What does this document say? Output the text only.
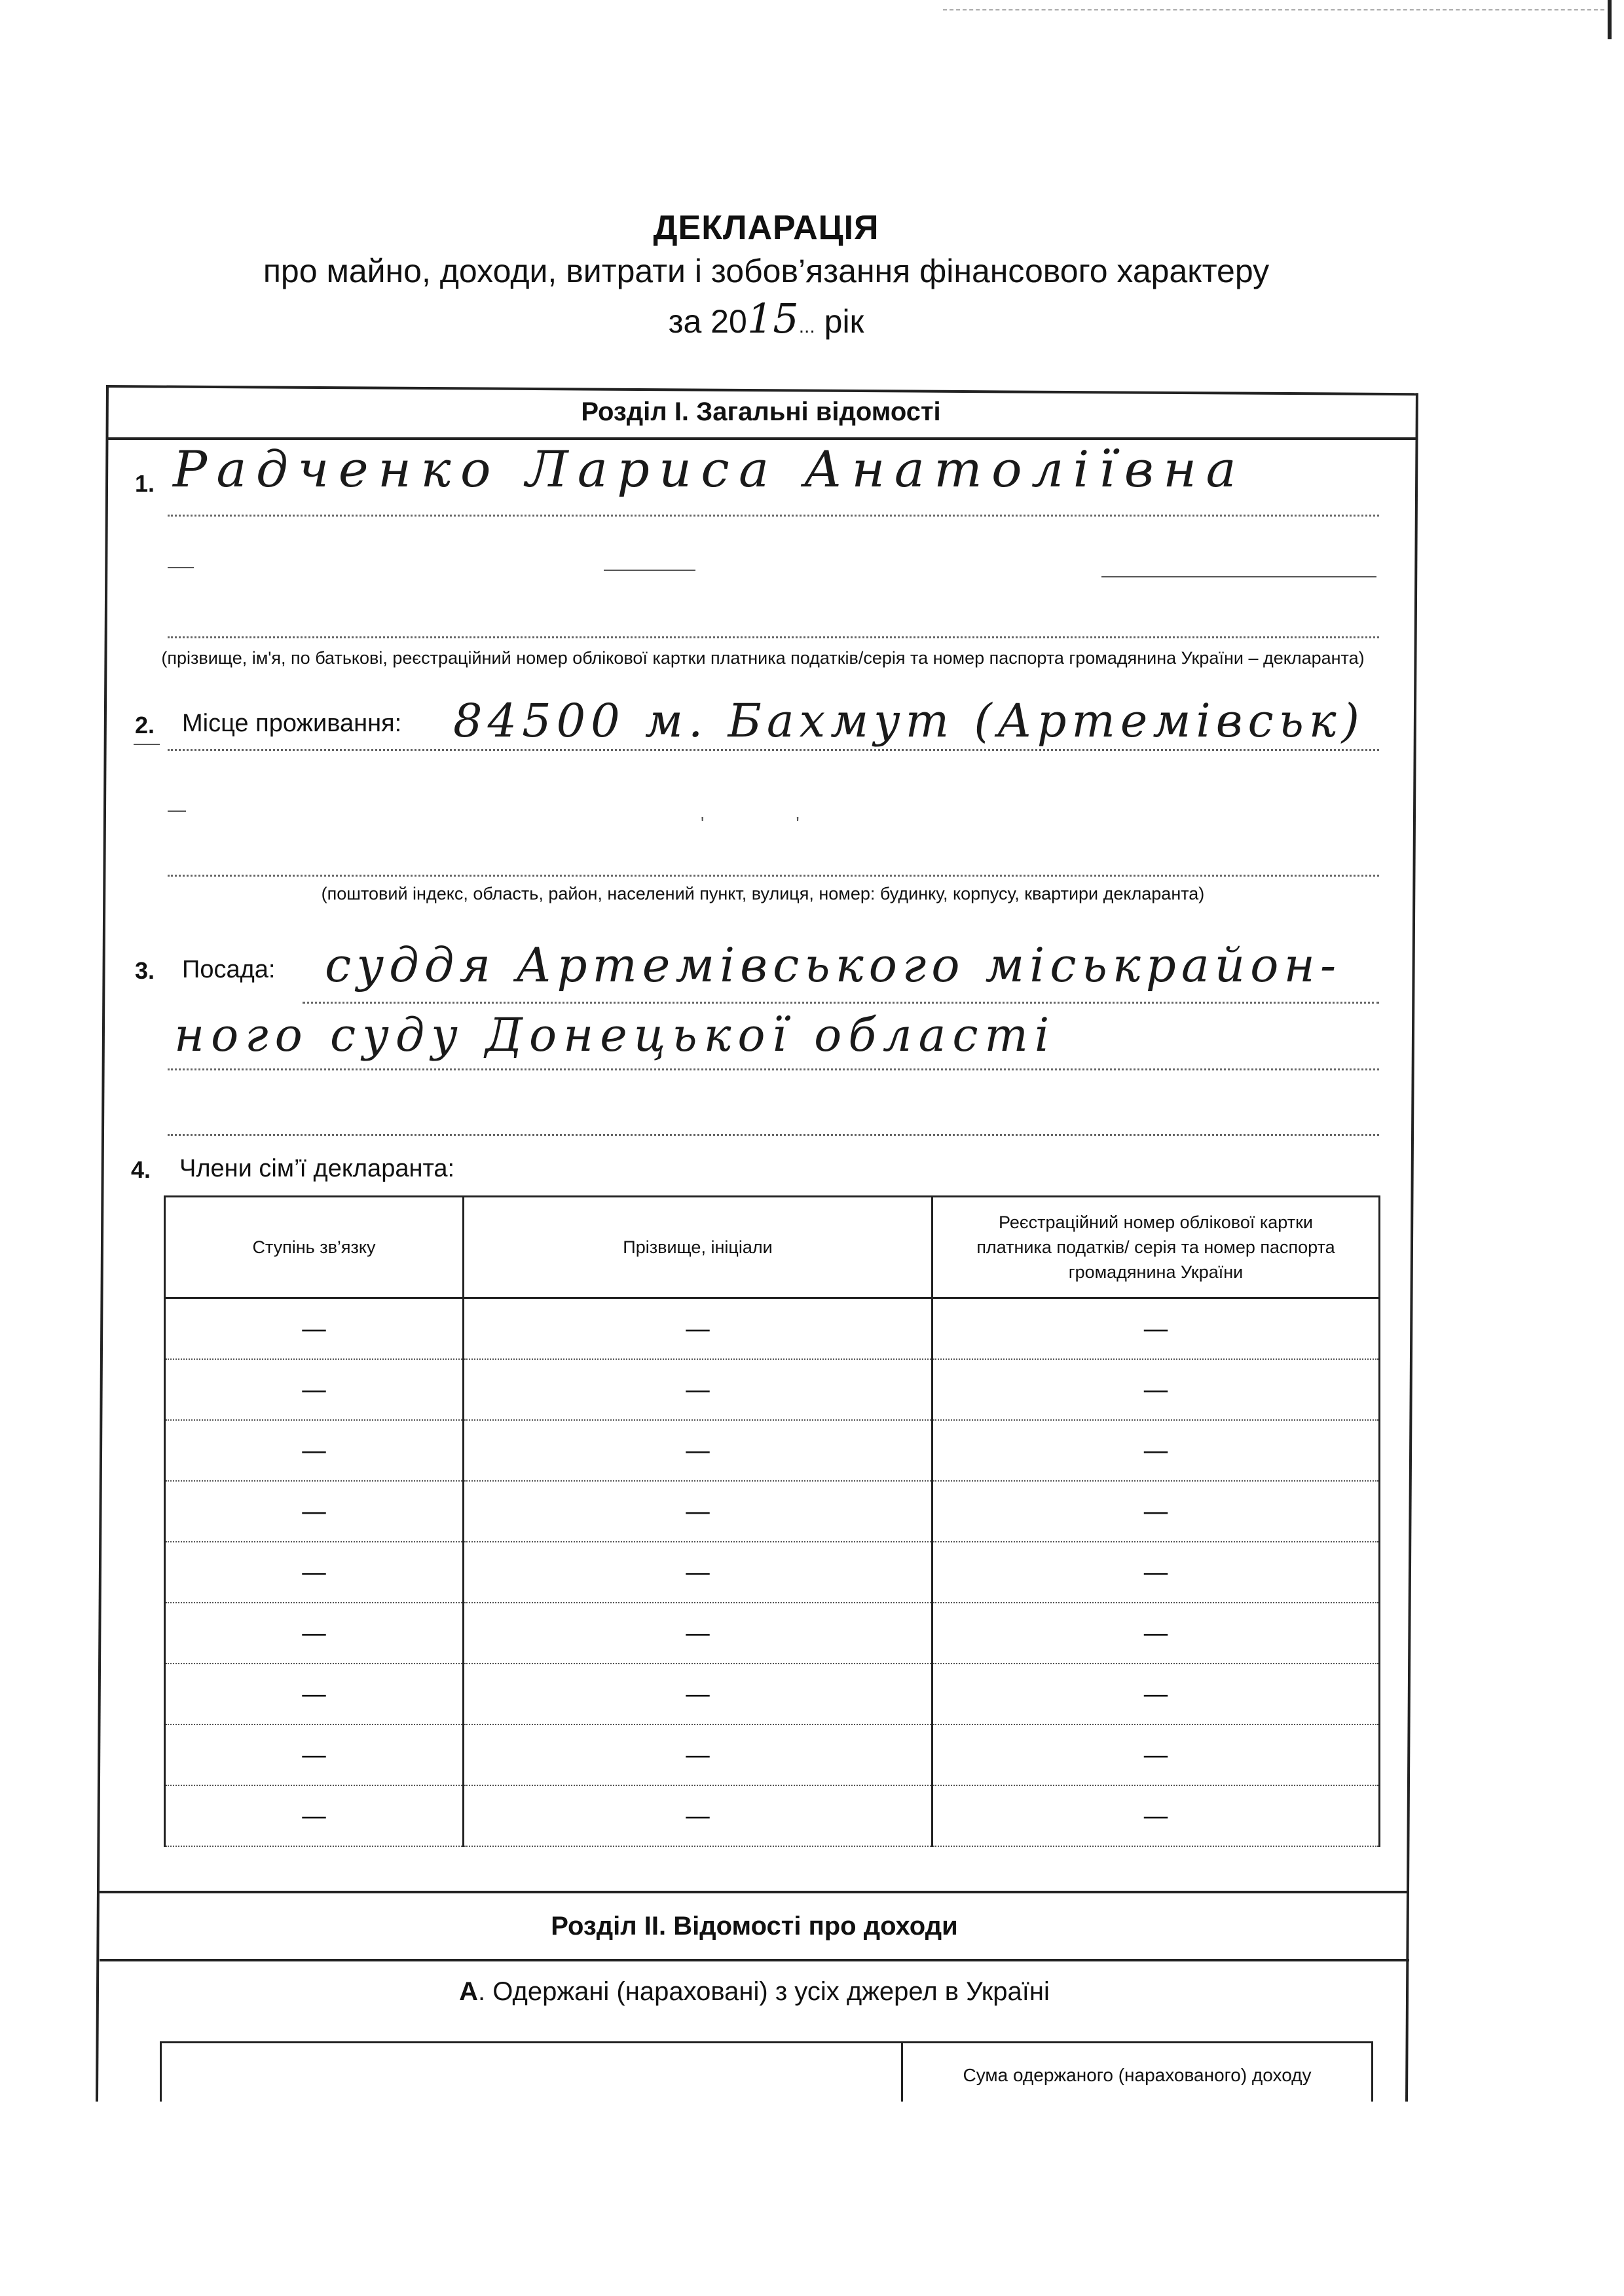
ДЕКЛАРАЦІЯ
про майно, доходи, витрати і зобов’язання фінансового характеру
за 2015... рік
Розділ І. Загальні відомості
1. Радченко Лариса Анатоліївна
(прізвище, ім'я, по батькові, реєстраційний номер облікової картки платника податків/серія та номер паспорта громадянина України – декларанта)
2. Місце проживання: 84500 м. Бахмут (Артемівськ)
'                  '
(поштовий індекс, область, район, населений пункт, вулиця, номер: будинку, корпусу, квартири декларанта)
3. Посада: суддя Артемівського міськрайон-
ного суду Донецької області
4. Члени сім’ї декларанта:
Ступінь зв’язку	Прізвище, ініціали	Реєстраційний номер облікової картки платника податків/ серія та номер паспорта громадянина України
—	—	—
—	—	—
—	—	—
—	—	—
—	—	—
—	—	—
—	—	—
—	—	—
—	—	—
Розділ ІІ. Відомості про доходи
А. Одержані (нараховані) з усіх джерел в Україні
	Сума одержаного (нарахованого) доходу
